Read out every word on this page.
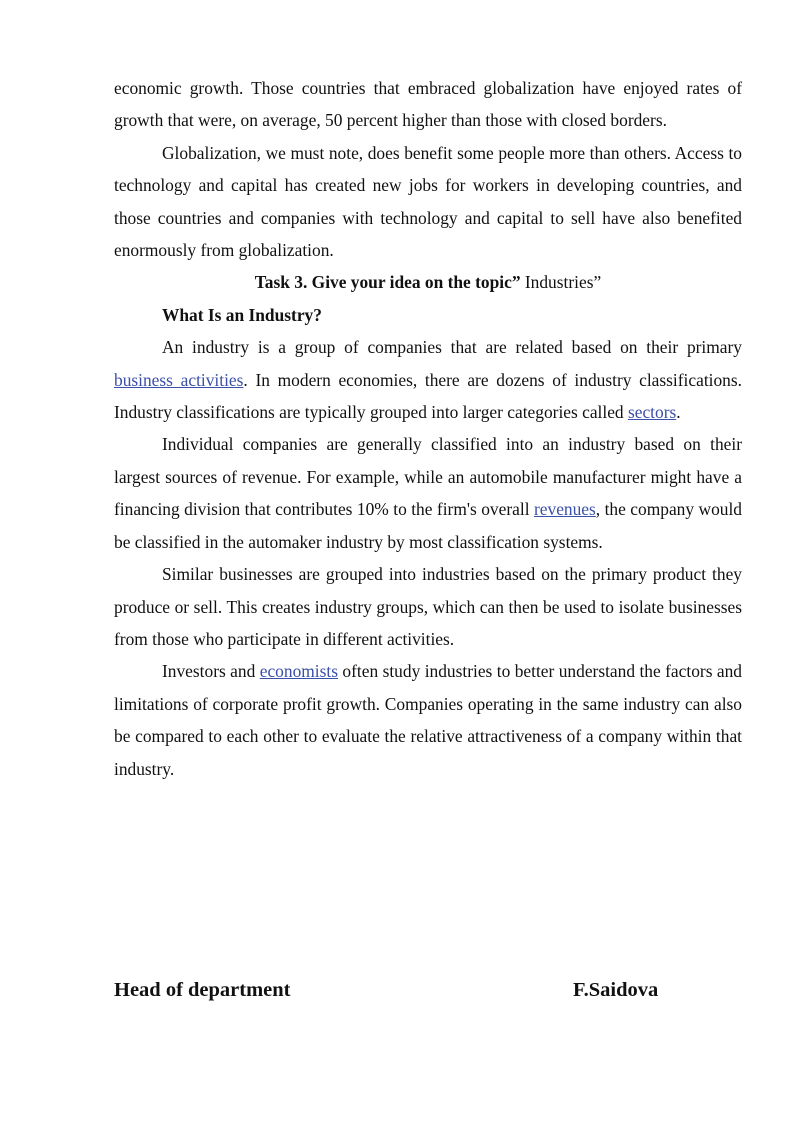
economic growth. Those countries that embraced globalization have enjoyed rates of growth that were, on average, 50 percent higher than those with closed borders.

Globalization, we must note, does benefit some people more than others. Access to technology and capital has created new jobs for workers in developing countries, and those countries and companies with technology and capital to sell have also benefited enormously from globalization.

Task 3. Give your idea on the topic” Industries”

What Is an Industry?

An industry is a group of companies that are related based on their primary business activities. In modern economies, there are dozens of industry classifications. Industry classifications are typically grouped into larger categories called sectors.

Individual companies are generally classified into an industry based on their largest sources of revenue. For example, while an automobile manufacturer might have a financing division that contributes 10% to the firm's overall revenues, the company would be classified in the automaker industry by most classification systems.

Similar businesses are grouped into industries based on the primary product they produce or sell. This creates industry groups, which can then be used to isolate businesses from those who participate in different activities.

Investors and economists often study industries to better understand the factors and limitations of corporate profit growth. Companies operating in the same industry can also be compared to each other to evaluate the relative attractiveness of a company within that industry.

Head of department	F.Saidova
